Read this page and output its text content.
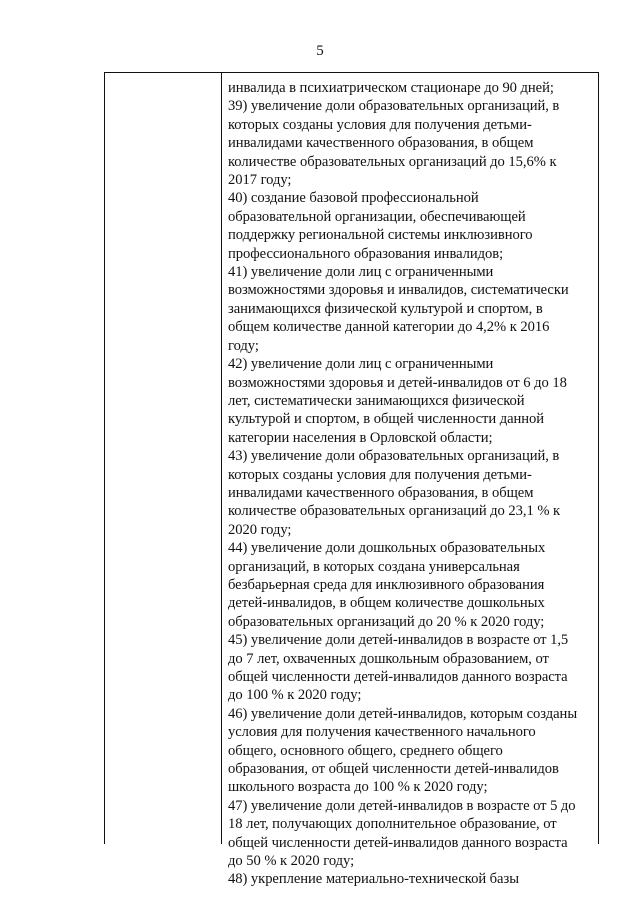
5
инвалида в психиатрическом стационаре до 90 дней;
39) увеличение доли образовательных организаций, в
которых созданы условия для получения детьми-
инвалидами качественного образования, в общем
количестве образовательных организаций до 15,6% к
2017 году;
40) создание базовой профессиональной
образовательной организации, обеспечивающей
поддержку региональной системы инклюзивного
профессионального образования инвалидов;
41) увеличение доли лиц с ограниченными
возможностями здоровья и инвалидов, систематически
занимающихся физической культурой и спортом, в
общем количестве данной категории до 4,2% к 2016
году;
42) увеличение доли лиц с ограниченными
возможностями здоровья и детей-инвалидов от 6 до 18
лет, систематически занимающихся физической
культурой и спортом, в общей численности данной
категории населения в Орловской области;
43) увеличение доли образовательных организаций, в
которых созданы условия для получения детьми-
инвалидами качественного образования, в общем
количестве образовательных организаций до 23,1 % к
2020 году;
44) увеличение доли дошкольных образовательных
организаций, в которых создана универсальная
безбарьерная среда для инклюзивного образования
детей-инвалидов, в общем количестве дошкольных
образовательных организаций до 20 % к 2020 году;
45) увеличение доли детей-инвалидов в возрасте от 1,5
до 7 лет, охваченных дошкольным образованием, от
общей численности детей-инвалидов данного возраста
до 100 % к 2020 году;
46) увеличение доли детей-инвалидов, которым созданы
условия для получения качественного начального
общего, основного общего, среднего общего
образования, от общей численности детей-инвалидов
школьного возраста до 100 % к 2020 году;
47) увеличение доли детей-инвалидов в возрасте от 5 до
18 лет, получающих дополнительное образование, от
общей численности детей-инвалидов данного возраста
до 50 % к 2020 году;
48) укрепление материально-технической базы
